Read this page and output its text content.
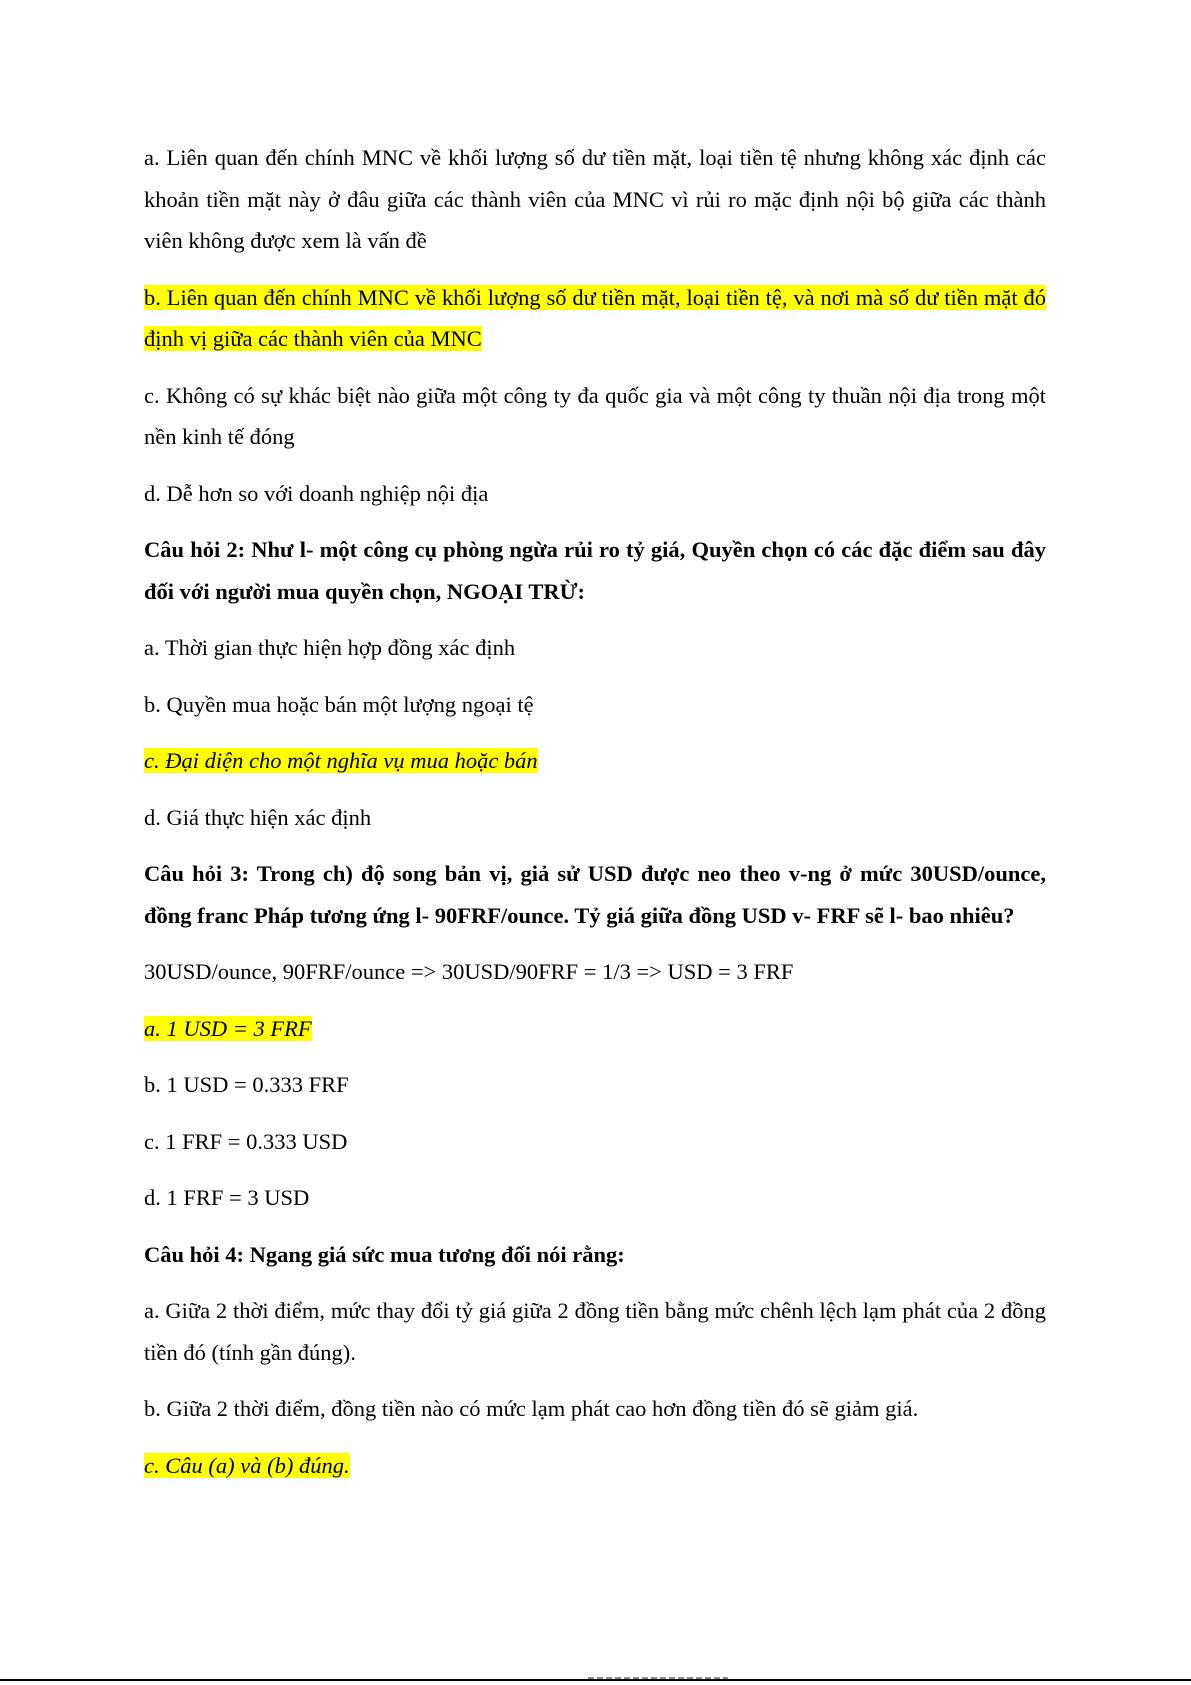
a. Liên quan đến chính MNC về khối lượng số dư tiền mặt, loại tiền tệ nhưng không xác định các khoản tiền mặt này ở đâu giữa các thành viên của MNC vì rủi ro mặc định nội bộ giữa các thành viên không được xem là vấn đề

b. Liên quan đến chính MNC về khối lượng số dư tiền mặt, loại tiền tệ, và nơi mà số dư tiền mặt đó định vị giữa các thành viên của MNC

c. Không có sự khác biệt nào giữa một công ty đa quốc gia và một công ty thuần nội địa trong một nền kinh tế đóng

d. Dễ hơn so với doanh nghiệp nội địa

Câu hỏi 2: Như l- một công cụ phòng ngừa rủi ro tỷ giá, Quyền chọn có các đặc điểm sau đây đối với người mua quyền chọn, NGOẠI TRỪ:

a. Thời gian thực hiện hợp đồng xác định

b. Quyền mua hoặc bán một lượng ngoại tệ

c. Đại diện cho một nghĩa vụ mua hoặc bán

d. Giá thực hiện xác định

Câu hỏi 3: Trong ch) độ song bản vị, giả sử USD được neo theo v-ng ở mức 30USD/ounce, đồng franc Pháp tương ứng l- 90FRF/ounce. Tỷ giá giữa đồng USD v- FRF sẽ l- bao nhiêu?

30USD/ounce, 90FRF/ounce => 30USD/90FRF = 1/3 => USD = 3 FRF

a. 1 USD = 3 FRF

b. 1 USD = 0.333 FRF

c. 1 FRF = 0.333 USD

d. 1 FRF = 3 USD

Câu hỏi 4: Ngang giá sức mua tương đối nói rằng:

a. Giữa 2 thời điểm, mức thay đổi tỷ giá giữa 2 đồng tiền bằng mức chênh lệch lạm phát của 2 đồng tiền đó (tính gần đúng).

b. Giữa 2 thời điểm, đồng tiền nào có mức lạm phát cao hơn đồng tiền đó sẽ giảm giá.

c. Câu (a) và (b) đúng.
